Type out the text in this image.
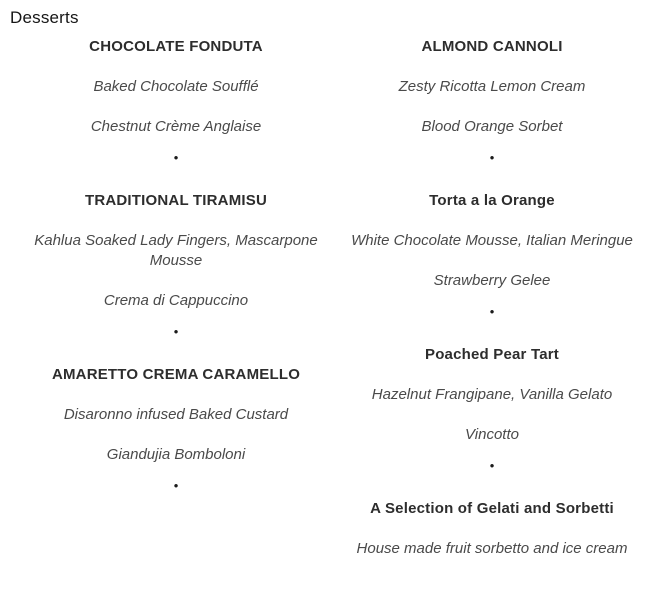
Desserts
CHOCOLATE FONDUTA
Baked Chocolate Soufflé
Chestnut Crème Anglaise
•
TRADITIONAL TIRAMISU
Kahlua Soaked Lady Fingers, Mascarpone Mousse
Crema di Cappuccino
•
AMARETTO CREMA CARAMELLO
Disaronno infused Baked Custard
Giandujia Bomboloni
•
ALMOND CANNOLI
Zesty Ricotta Lemon Cream
Blood Orange Sorbet
•
Torta a la Orange
White Chocolate Mousse, Italian Meringue
Strawberry Gelee
•
Poached Pear Tart
Hazelnut Frangipane, Vanilla Gelato
Vincotto
•
A Selection of Gelati and Sorbetti
House made fruit sorbetto and ice cream
